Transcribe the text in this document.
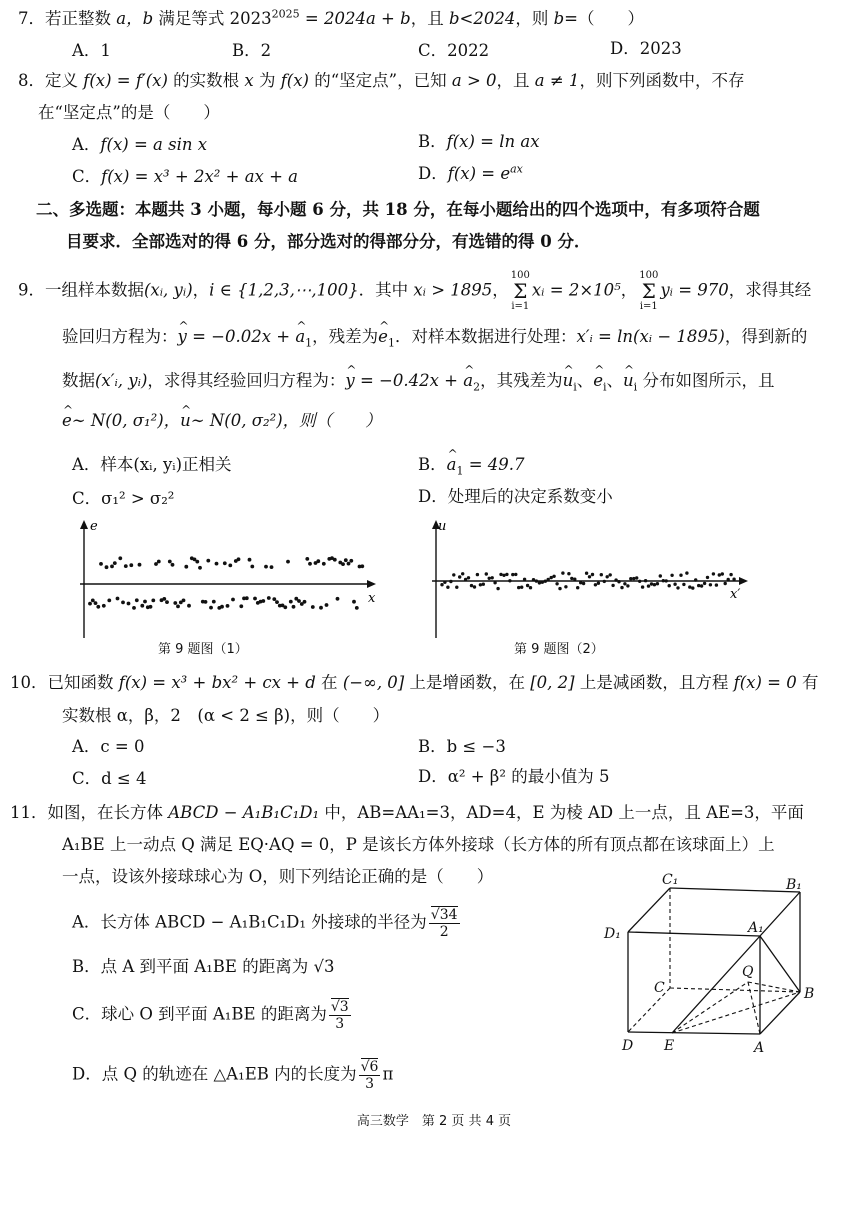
7．若正整数 a，b 满足等式 $2023^{2025} = 2024a + b$，且 b<2024，则 b=（　　）
A．1	B．2	C．2022	D．2023
8．定义 f(x) = f′(x) 的实数根 x 为 f(x) 的“坚定点”，已知 a > 0，且 a ≠ 1，则下列函数中，不存
在“坚定点”的是（　　）
A．f(x) = a sin x	B．f(x) = ln ax
C．f(x) = x³ + 2x² + ax + a	D．$f(x) = e^{ax}$
二、多选题：本题共 3 小题，每小题 6 分，共 18 分，在每小题给出的四个选项中，有多项符合题
目要求．全部选对的得 6 分，部分选对的得部分分，有选错的得 0 分．
9．一组样本数据(xᵢ, yᵢ)，i ∈ {1,2,3,⋯,100}．其中 xᵢ > 1895，100
Σ
i=1xᵢ = 2×10⁵，100
Σ
i=1yᵢ = 970，求得其经
验回归方程为：^ y = −0.02x + ^ $a_1$，残差为^ $e_1$．对样本数据进行处理：x′ᵢ = ln(xᵢ − 1895)，得到新的
数据(x′ᵢ, yᵢ)，求得其经验回归方程为：^ y = −0.42x + ^ $a_2$，其残差为^ $u_i$、^ $e_i$、^ $u_i$ 分布如图所示，且
^ e∼ N(0, σ₁²)，^ u∼ N(0, σ₂²)，则（　　）
A．样本(xᵢ, yᵢ)正相关	B．^ $a_1 = 49.7$
C．σ₁² > σ₂²	D．处理后的决定系数变小
e
x
第 9 题图（1）
u
x′
第 9 题图（2）
10．已知函数 f(x) = x³ + bx² + cx + d 在 (−∞, 0] 上是增函数，在 [0, 2] 上是减函数，且方程 f(x) = 0 有
实数根 α，β，2　(α < 2 ≤ β)，则（　　）
A．c = 0	B．b ≤ −3
C．d ≤ 4	D．α² + β² 的最小值为 5
11．如图，在长方体 ABCD − A₁B₁C₁D₁ 中，AB=AA₁=3，AD=4，E 为棱 AD 上一点，且 AE=3，平面
A₁BE 上一动点 Q 满足 EQ·AQ = 0，P 是该长方体外接球（长方体的所有顶点都在该球面上）上
一点，设该外接球球心为 O，则下列结论正确的是（　　）
A．长方体 ABCD − A₁B₁C₁D₁ 外接球的半径为 $\frac{√34}{2}$
B．点 A 到平面 A₁BE 的距离为 √3
C．球心 O 到平面 A₁BE 的距离为 $\frac{√3}{3}$
D．点 Q 的轨迹在 △A₁EB 内的长度为 $\frac{√6}{3}$ π
C₁	B₁
D₁	A₁
C	B
Q
D E	A
高三数学　第 2 页 共 4 页
